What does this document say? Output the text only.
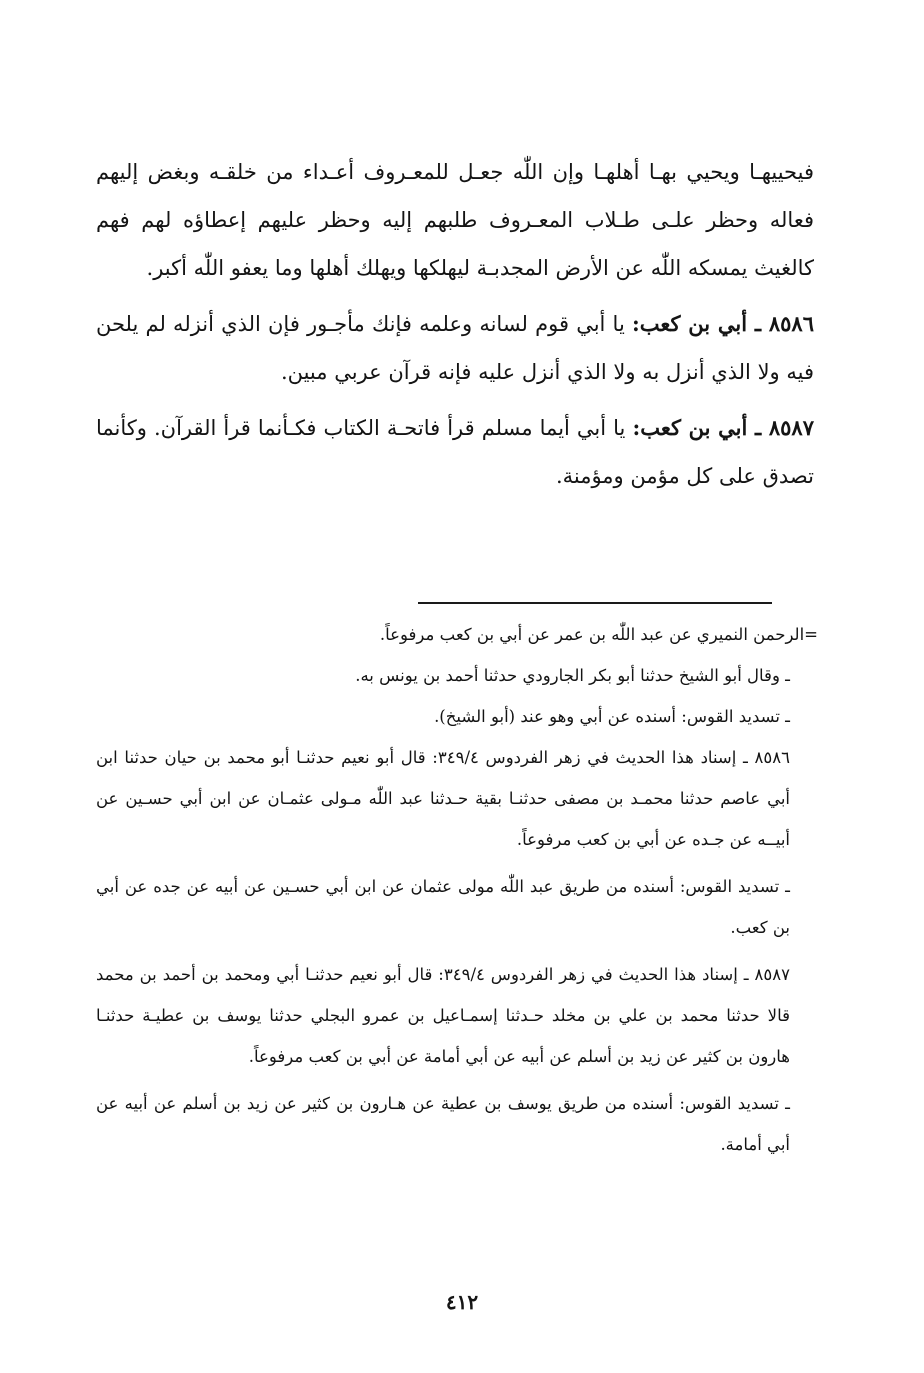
فيحييهـا ويحيي بهـا أهلهـا وإن اللّٰه جعـل للمعـروف أعـداء من خلقـه وبغض إليهم فعاله وحظر علـى طـلاب المعـروف طلبهم إليه وحظر عليهم إعطاؤه لهم فهم كالغيث يمسكه اللّٰه عن الأرض المجدبـة ليهلكها ويهلك أهلها وما يعفو اللّٰه أكبر.

٥٨٦‏‏٨ ـ أبي بن كعب: يا أبي قوم لسانه وعلمه فإنك مأجـور فإن الذي أنزله لم يلحن فيه ولا الذي أنزل به ولا الذي أنزل عليه فإنه قرآن عربي مبين.

٥٨٧‏‏٨ ـ أبي بن كعب: يا أبي أيما مسلم قرأ فاتحـة الكتاب فكـأنما قرأ القرآن. وكأنما تصدق على كل مؤمن ومؤمنة.

=الرحمن النميري عن عبد اللّٰه بن عمر عن أبي بن كعب مرفوعاً.

ـ وقال أبو الشيخ حدثنا أبو بكر الجارودي حدثنا أحمد بن يونس به.

ـ تسديد القوس: أسنده عن أبي وهو عند (أبو الشيخ).

٥٨٦‏٨ ـ إسناد هذا الحديث في زهر الفردوس ٣٤٩/٤: قال أبو نعيم حدثنـا أبو محمد بن حيان حدثنا ابن أبي عاصم حدثنا محمـد بن مصفى حدثنـا بقية حـدثنا عبد اللّٰه مـولى عثمـان عن ابن أبي حسـين عن أبيــه عن جـده عن أبي بن كعب مرفوعاً.

ـ تسديد القوس: أسنده من طريق عبد اللّٰه مولى عثمان عن ابن أبي حسـين عن أبيه عن جده عن أبي بن كعب.

٥٨٧‏٨ ـ إسناد هذا الحديث في زهر الفردوس ٣٤٩/٤: قال أبو نعيم حدثنـا أبي ومحمد بن أحمد بن محمد قالا حدثنا محمد بن علي بن مخلد حـدثنا إسمـاعيل بن عمرو البجلي حدثنا يوسف بن عطيـة حدثنـا هارون بن كثير عن زيد بن أسلم عن أبيه عن أبي أمامة عن أبي بن كعب مرفوعاً.

ـ تسديد القوس: أسنده من طريق يوسف بن عطية عن هـارون بن كثير عن زيد بن أسلم عن أبيه عن أبي أمامة.

٤١٢
